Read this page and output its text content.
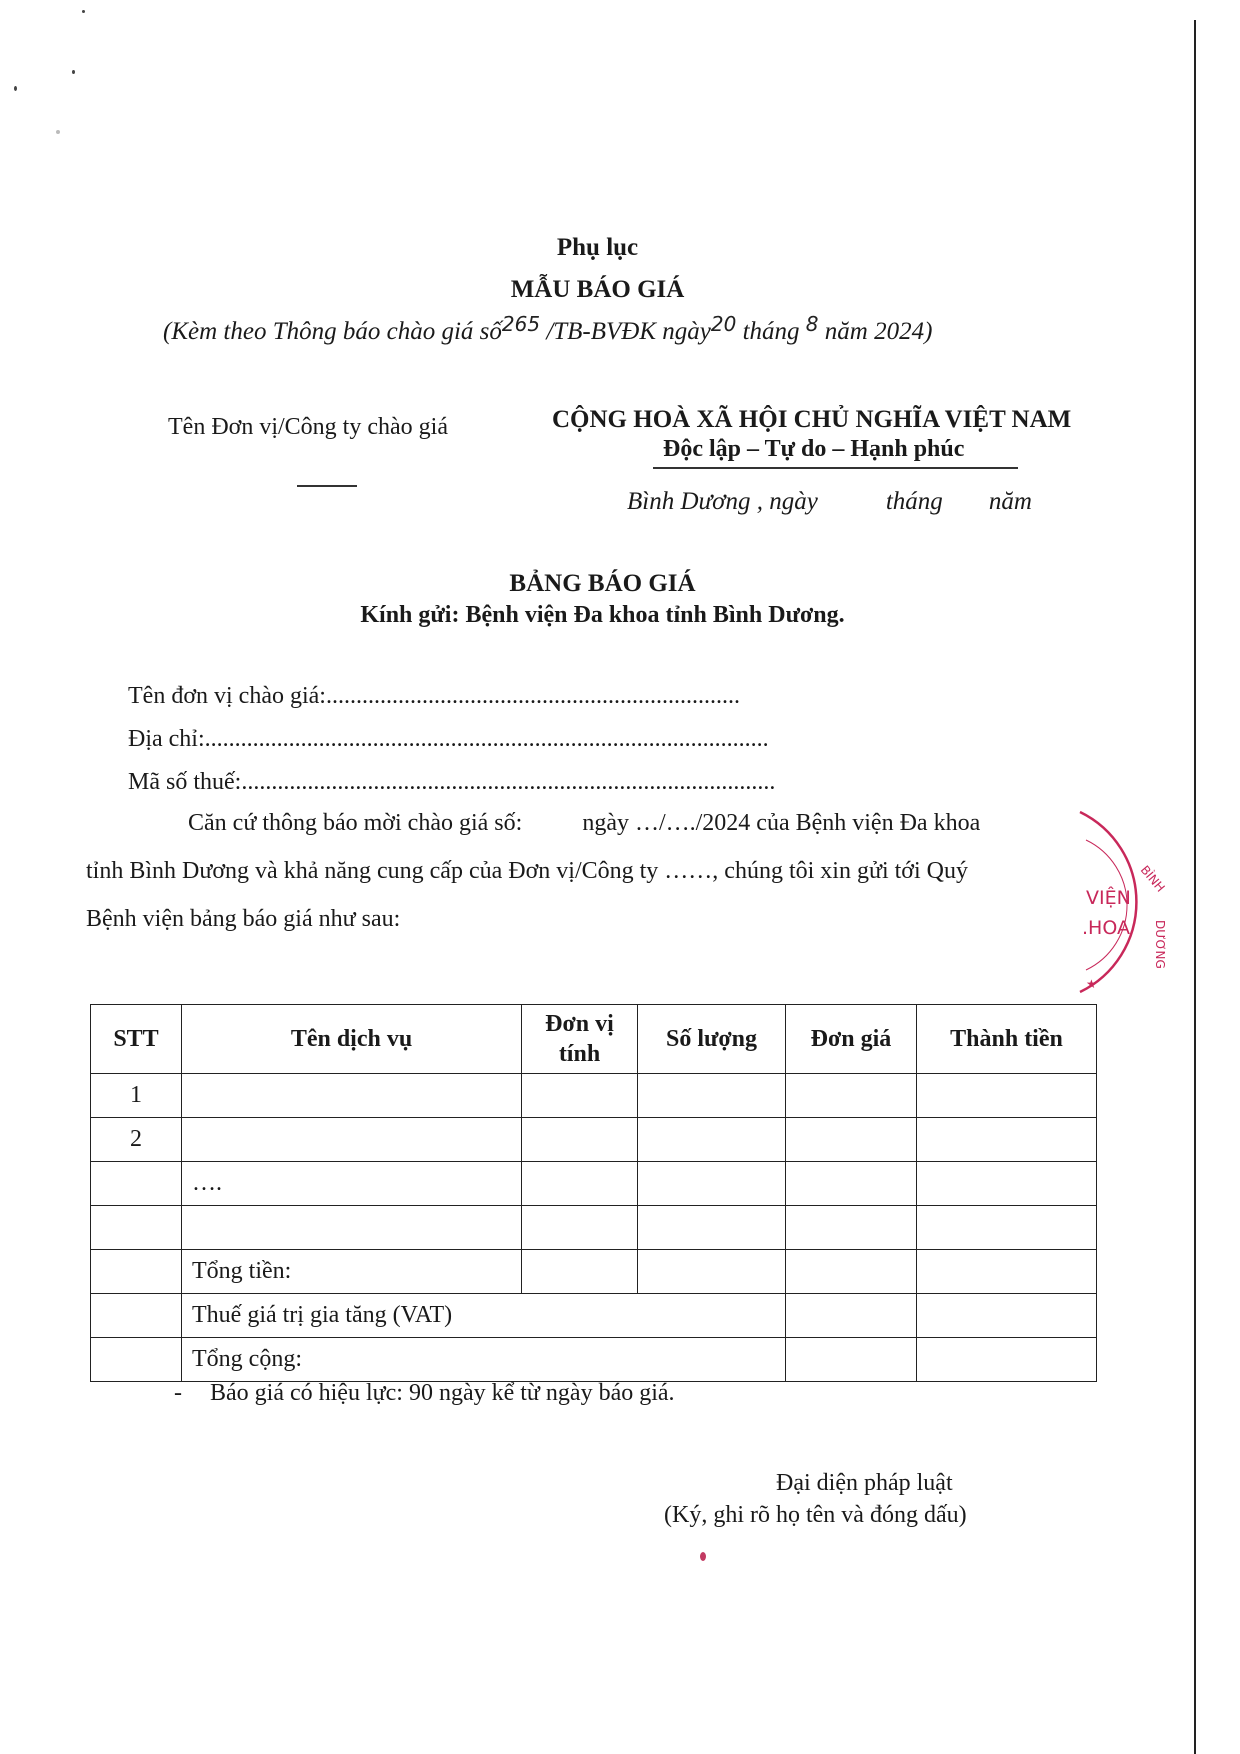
Phụ lục
MẪU BÁO GIÁ
(Kèm theo Thông báo chào giá số$^{265}$ /TB-BVĐK ngày$^{20}$ tháng $^8$ năm 2024)
Tên Đơn vị/Công ty chào giá	CỘNG HOÀ XÃ HỘI CHỦ NGHĨA VIỆT NAM
Độc lập – Tự do – Hạnh phúc
Bình Dương , ngày	tháng năm
BẢNG BÁO GIÁ
Kính gửi: Bệnh viện Đa khoa tỉnh Bình Dương.
Tên đơn vị chào giá:.....................................................................
Địa chỉ:..............................................................................................
Mã số thuế:.........................................................................................
Căn cứ thông báo mời chào giá số:	ngày …/…./2024 của Bệnh viện Đa khoa
tỉnh Bình Dương và khả năng cung cấp của Đơn vị/Công ty ……, chúng tôi xin gửi tới Quý
Bệnh viện bảng báo giá như sau:
BÌNH
DƯƠNG
VIỆN
.HOA
★
STT	Tên dịch vụ	Đơn vị tính	Số lượng	Đơn giá	Thành tiền
1					
2					
	….				

	Tổng tiền:				
	Thuế giá trị gia tăng (VAT)				
	Tổng cộng:				
- Báo giá có hiệu lực: 90 ngày kể từ ngày báo giá.
Đại diện pháp luật
(Ký, ghi rõ họ tên và đóng dấu)
